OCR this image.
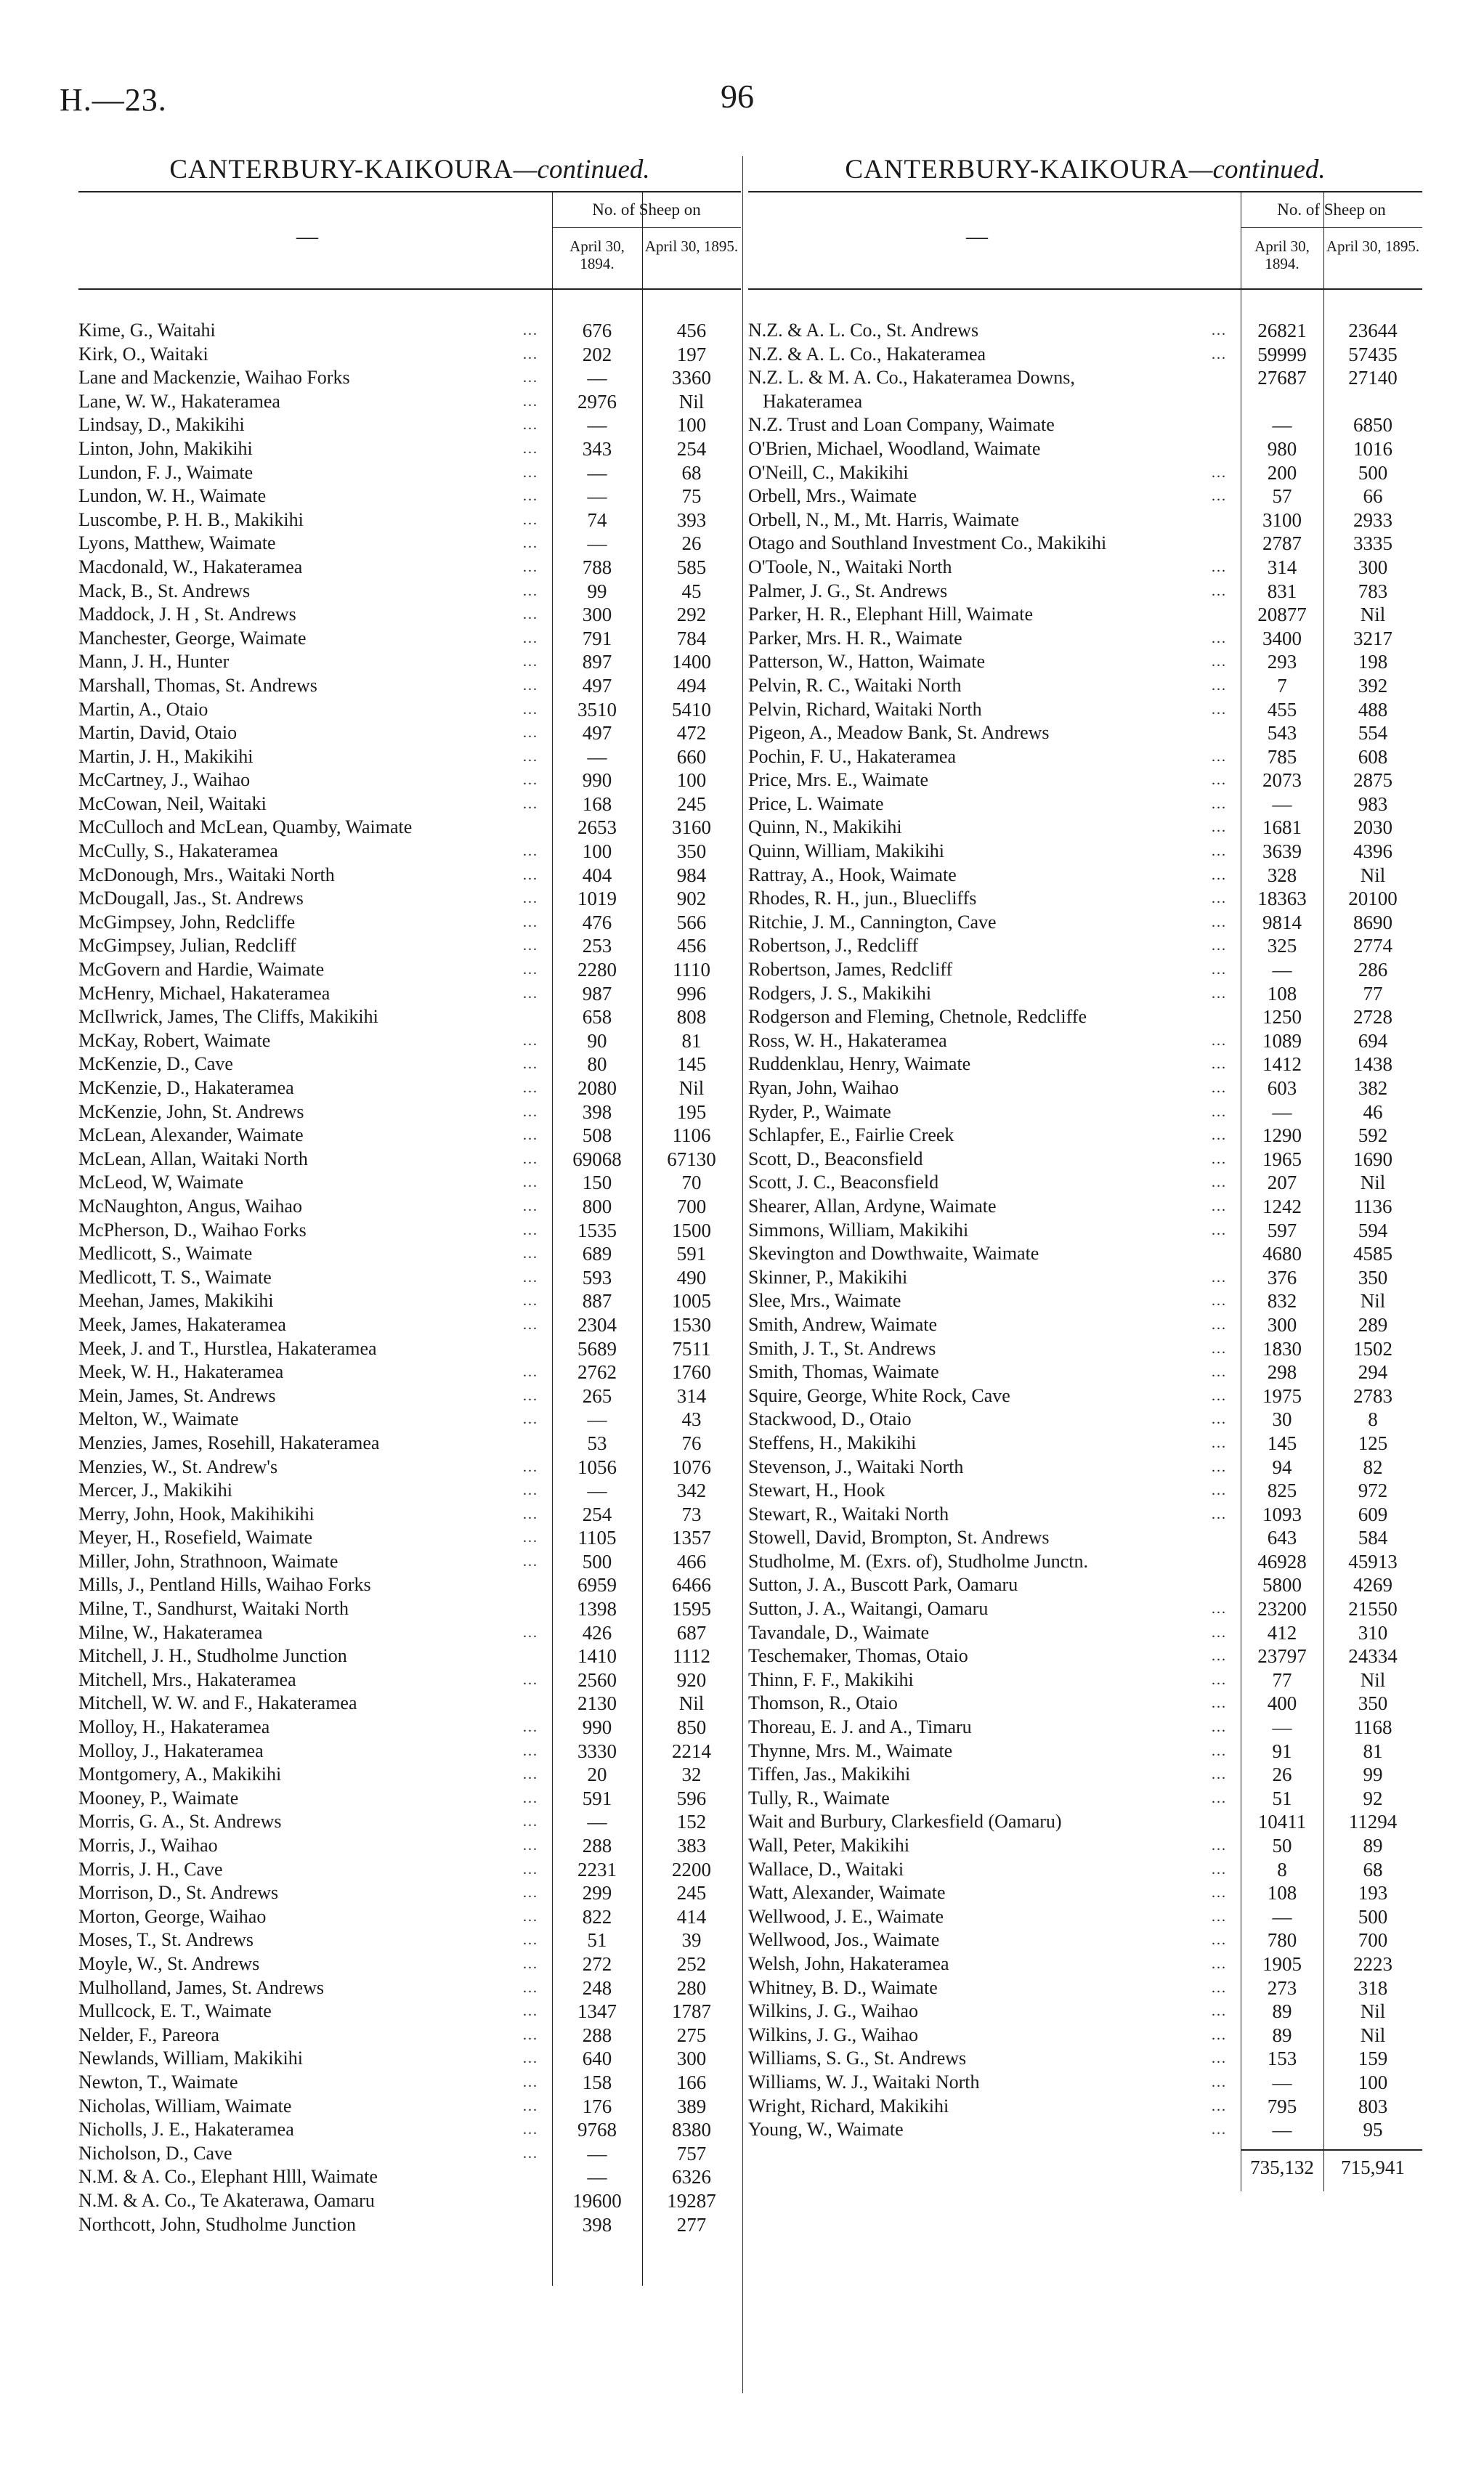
H.—23.	96
CANTERBURY-KAIKOURA—continued.
—
No. of Sheep on
April 30, 1894.
April 30, 1895.
Kime, G., Waitahi	...	676	456
Kirk, O., Waitaki	...	202	197
Lane and Mackenzie, Waihao Forks	...	—	3360
Lane, W. W., Hakateramea	...	2976	Nil
Lindsay, D., Makikihi	...	—	100
Linton, John, Makikihi	...	343	254
Lundon, F. J., Waimate	...	—	68
Lundon, W. H., Waimate	...	—	75
Luscombe, P. H. B., Makikihi	...	74	393
Lyons, Matthew, Waimate	...	—	26
Macdonald, W., Hakateramea	...	788	585
Mack, B., St. Andrews	...	99	45
Maddock, J. H , St. Andrews	...	300	292
Manchester, George, Waimate	...	791	784
Mann, J. H., Hunter	...	897	1400
Marshall, Thomas, St. Andrews	...	497	494
Martin, A., Otaio	...	3510	5410
Martin, David, Otaio	...	497	472
Martin, J. H., Makikihi	...	—	660
McCartney, J., Waihao	...	990	100
McCowan, Neil, Waitaki	...	168	245
McCulloch and McLean, Quamby, Waimate	2653	3160
McCully, S., Hakateramea	...	100	350
McDonough, Mrs., Waitaki North	...	404	984
McDougall, Jas., St. Andrews	...	1019	902
McGimpsey, John, Redcliffe	...	476	566
McGimpsey, Julian, Redcliff	...	253	456
McGovern and Hardie, Waimate	...	2280	1110
McHenry, Michael, Hakateramea	...	987	996
McIlwrick, James, The Cliffs, Makikihi	658	808
McKay, Robert, Waimate	...	90	81
McKenzie, D., Cave	...	80	145
McKenzie, D., Hakateramea	...	2080	Nil
McKenzie, John, St. Andrews	...	398	195
McLean, Alexander, Waimate	...	508	1106
McLean, Allan, Waitaki North	...	69068	67130
McLeod, W, Waimate	...	150	70
McNaughton, Angus, Waihao	...	800	700
McPherson, D., Waihao Forks	...	1535	1500
Medlicott, S., Waimate	...	689	591
Medlicott, T. S., Waimate	...	593	490
Meehan, James, Makikihi	...	887	1005
Meek, James, Hakateramea	...	2304	1530
Meek, J. and T., Hurstlea, Hakateramea	5689	7511
Meek, W. H., Hakateramea	...	2762	1760
Mein, James, St. Andrews	...	265	314
Melton, W., Waimate	...	—	43
Menzies, James, Rosehill, Hakateramea	53	76
Menzies, W., St. Andrew's	...	1056	1076
Mercer, J., Makikihi	...	—	342
Merry, John, Hook, Makihikihi	...	254	73
Meyer, H., Rosefield, Waimate	...	1105	1357
Miller, John, Strathnoon, Waimate	...	500	466
Mills, J., Pentland Hills, Waihao Forks	6959	6466
Milne, T., Sandhurst, Waitaki North	1398	1595
Milne, W., Hakateramea	...	426	687
Mitchell, J. H., Studholme Junction	1410	1112
Mitchell, Mrs., Hakateramea	...	2560	920
Mitchell, W. W. and F., Hakateramea	2130	Nil
Molloy, H., Hakateramea	...	990	850
Molloy, J., Hakateramea	...	3330	2214
Montgomery, A., Makikihi	...	20	32
Mooney, P., Waimate	...	591	596
Morris, G. A., St. Andrews	...	—	152
Morris, J., Waihao	...	288	383
Morris, J. H., Cave	...	2231	2200
Morrison, D., St. Andrews	...	299	245
Morton, George, Waihao	...	822	414
Moses, T., St. Andrews	...	51	39
Moyle, W., St. Andrews	...	272	252
Mulholland, James, St. Andrews	...	248	280
Mullcock, E. T., Waimate	...	1347	1787
Nelder, F., Pareora	...	288	275
Newlands, William, Makikihi	...	640	300
Newton, T., Waimate	...	158	166
Nicholas, William, Waimate	...	176	389
Nicholls, J. E., Hakateramea	...	9768	8380
Nicholson, D., Cave	...	—	757
N.M. & A. Co., Elephant Hlll, Waimate	—	6326
N.M. & A. Co., Te Akaterawa, Oamaru	19600	19287
Northcott, John, Studholme Junction	398	277
CANTERBURY-KAIKOURA—continued.
—
No. of Sheep on
April 30, 1894.
April 30, 1895.
N.Z. & A. L. Co., St. Andrews	...	26821	23644
N.Z. & A. L. Co., Hakateramea	...	59999	57435
N.Z. L. & M. A. Co., Hakateramea Downs,	27687	27140
Hakateramea
N.Z. Trust and Loan Company, Waimate	—	6850
O'Brien, Michael, Woodland, Waimate	980	1016
O'Neill, C., Makikihi	...	200	500
Orbell, Mrs., Waimate	...	57	66
Orbell, N., M., Mt. Harris, Waimate	3100	2933
Otago and Southland Investment Co., Makikihi	2787	3335
O'Toole, N., Waitaki North	...	314	300
Palmer, J. G., St. Andrews	...	831	783
Parker, H. R., Elephant Hill, Waimate	20877	Nil
Parker, Mrs. H. R., Waimate	...	3400	3217
Patterson, W., Hatton, Waimate	...	293	198
Pelvin, R. C., Waitaki North	...	7	392
Pelvin, Richard, Waitaki North	...	455	488
Pigeon, A., Meadow Bank, St. Andrews	543	554
Pochin, F. U., Hakateramea	...	785	608
Price, Mrs. E., Waimate	...	2073	2875
Price, L. Waimate	...	—	983
Quinn, N., Makikihi	...	1681	2030
Quinn, William, Makikihi	...	3639	4396
Rattray, A., Hook, Waimate	...	328	Nil
Rhodes, R. H., jun., Bluecliffs	...	18363	20100
Ritchie, J. M., Cannington, Cave	...	9814	8690
Robertson, J., Redcliff	...	325	2774
Robertson, James, Redcliff	...	—	286
Rodgers, J. S., Makikihi	...	108	77
Rodgerson and Fleming, Chetnole, Redcliffe	1250	2728
Ross, W. H., Hakateramea	...	1089	694
Ruddenklau, Henry, Waimate	...	1412	1438
Ryan, John, Waihao	...	603	382
Ryder, P., Waimate	...	—	46
Schlapfer, E., Fairlie Creek	...	1290	592
Scott, D., Beaconsfield	...	1965	1690
Scott, J. C., Beaconsfield	...	207	Nil
Shearer, Allan, Ardyne, Waimate	...	1242	1136
Simmons, William, Makikihi	...	597	594
Skevington and Dowthwaite, Waimate	4680	4585
Skinner, P., Makikihi	...	376	350
Slee, Mrs., Waimate	...	832	Nil
Smith, Andrew, Waimate	...	300	289
Smith, J. T., St. Andrews	...	1830	1502
Smith, Thomas, Waimate	...	298	294
Squire, George, White Rock, Cave	...	1975	2783
Stackwood, D., Otaio	...	30	8
Steffens, H., Makikihi	...	145	125
Stevenson, J., Waitaki North	...	94	82
Stewart, H., Hook	...	825	972
Stewart, R., Waitaki North	...	1093	609
Stowell, David, Brompton, St. Andrews	643	584
Studholme, M. (Exrs. of), Studholme Junctn.	46928	45913
Sutton, J. A., Buscott Park, Oamaru	5800	4269
Sutton, J. A., Waitangi, Oamaru	...	23200	21550
Tavandale, D., Waimate	...	412	310
Teschemaker, Thomas, Otaio	...	23797	24334
Thinn, F. F., Makikihi	...	77	Nil
Thomson, R., Otaio	...	400	350
Thoreau, E. J. and A., Timaru	...	—	1168
Thynne, Mrs. M., Waimate	...	91	81
Tiffen, Jas., Makikihi	...	26	99
Tully, R., Waimate	...	51	92
Wait and Burbury, Clarkesfield (Oamaru)	10411	11294
Wall, Peter, Makikihi	...	50	89
Wallace, D., Waitaki	...	8	68
Watt, Alexander, Waimate	...	108	193
Wellwood, J. E., Waimate	...	—	500
Wellwood, Jos., Waimate	...	780	700
Welsh, John, Hakateramea	...	1905	2223
Whitney, B. D., Waimate	...	273	318
Wilkins, J. G., Waihao	...	89	Nil
Wilkins, J. G., Waihao	...	89	Nil
Williams, S. G., St. Andrews	...	153	159
Williams, W. J., Waitaki North	...	—	100
Wright, Richard, Makikihi	...	795	803
Young, W., Waimate	...	—	95
735,132	715,941
